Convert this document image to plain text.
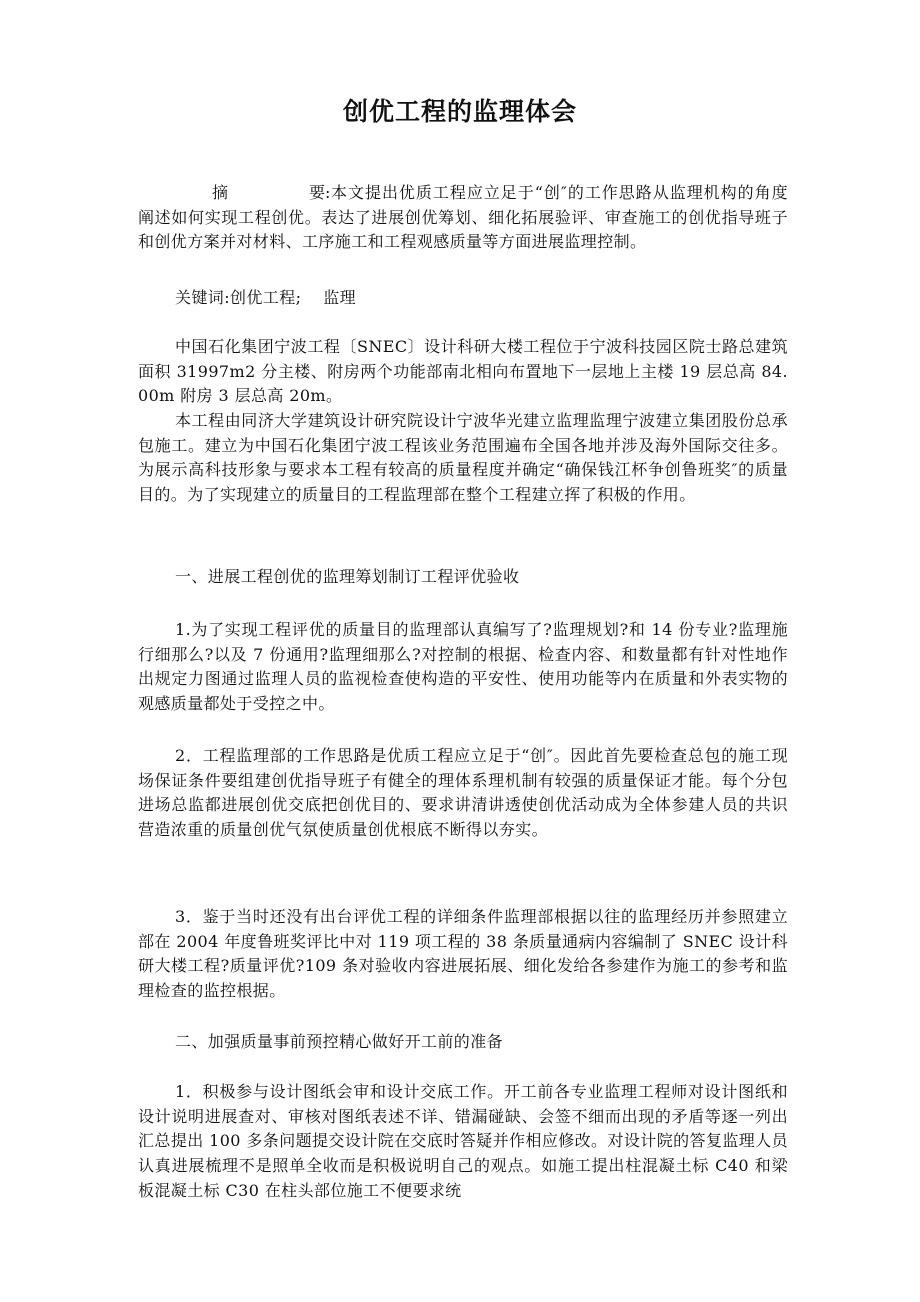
创优工程的监理体会

摘	要:本文提出优质工程应立足于“创″的工作思路从监理机构的角度阐述如何实现工程创优。表达了进展创优筹划、细化拓展验评、审查施工的创优指导班子和创优方案并对材料、工序施工和工程观感质量等方面进展监理控制。

关键词:创优工程;　 监理

中国石化集团宁波工程〔SNEC〕设计科研大楼工程位于宁波科技园区院士路总建筑面积 31997m2 分主楼、附房两个功能部南北相向布置地下一层地上主楼 19 层总高 84.00m 附房 3 层总高 20m。

本工程由同济大学建筑设计研究院设计宁波华光建立监理监理宁波建立集团股份总承包施工。建立为中国石化集团宁波工程该业务范围遍布全国各地并涉及海外国际交往多。为展示高科技形象与要求本工程有较高的质量程度并确定“确保钱江杯争创鲁班奖″的质量目的。为了实现建立的质量目的工程监理部在整个工程建立挥了积极的作用。

一、进展工程创优的监理筹划制订工程评优验收

1.为了实现工程评优的质量目的监理部认真编写了?监理规划?和 14 份专业?监理施行细那么?以及 7 份通用?监理细那么?对控制的根据、检查内容、和数量都有针对性地作出规定力图通过监理人员的监视检查使构造的平安性、使用功能等内在质量和外表实物的观感质量都处于受控之中。

2．工程监理部的工作思路是优质工程应立足于“创″。因此首先要检查总包的施工现场保证条件要组建创优指导班子有健全的理体系理机制有较强的质量保证才能。每个分包进场总监都进展创优交底把创优目的、要求讲清讲透使创优活动成为全体参建人员的共识营造浓重的质量创优气氛使质量创优根底不断得以夯实。

3．鉴于当时还没有出台评优工程的详细条件监理部根据以往的监理经历并参照建立部在 2004 年度鲁班奖评比中对 119 项工程的 38 条质量通病内容编制了 SNEC 设计科研大楼工程?质量评优?109 条对验收内容进展拓展、细化发给各参建作为施工的参考和监理检查的监控根据。

二、加强质量事前预控精心做好开工前的准备

1．积极参与设计图纸会审和设计交底工作。开工前各专业监理工程师对设计图纸和设计说明进展查对、审核对图纸表述不详、错漏碰缺、会签不细而出现的矛盾等逐一列出汇总提出 100 多条问题提交设计院在交底时答疑并作相应修改。对设计院的答复监理人员认真进展梳理不是照单全收而是积极说明自己的观点。如施工提出柱混凝土标 C40 和梁板混凝土标 C30 在柱头部位施工不便要求统
